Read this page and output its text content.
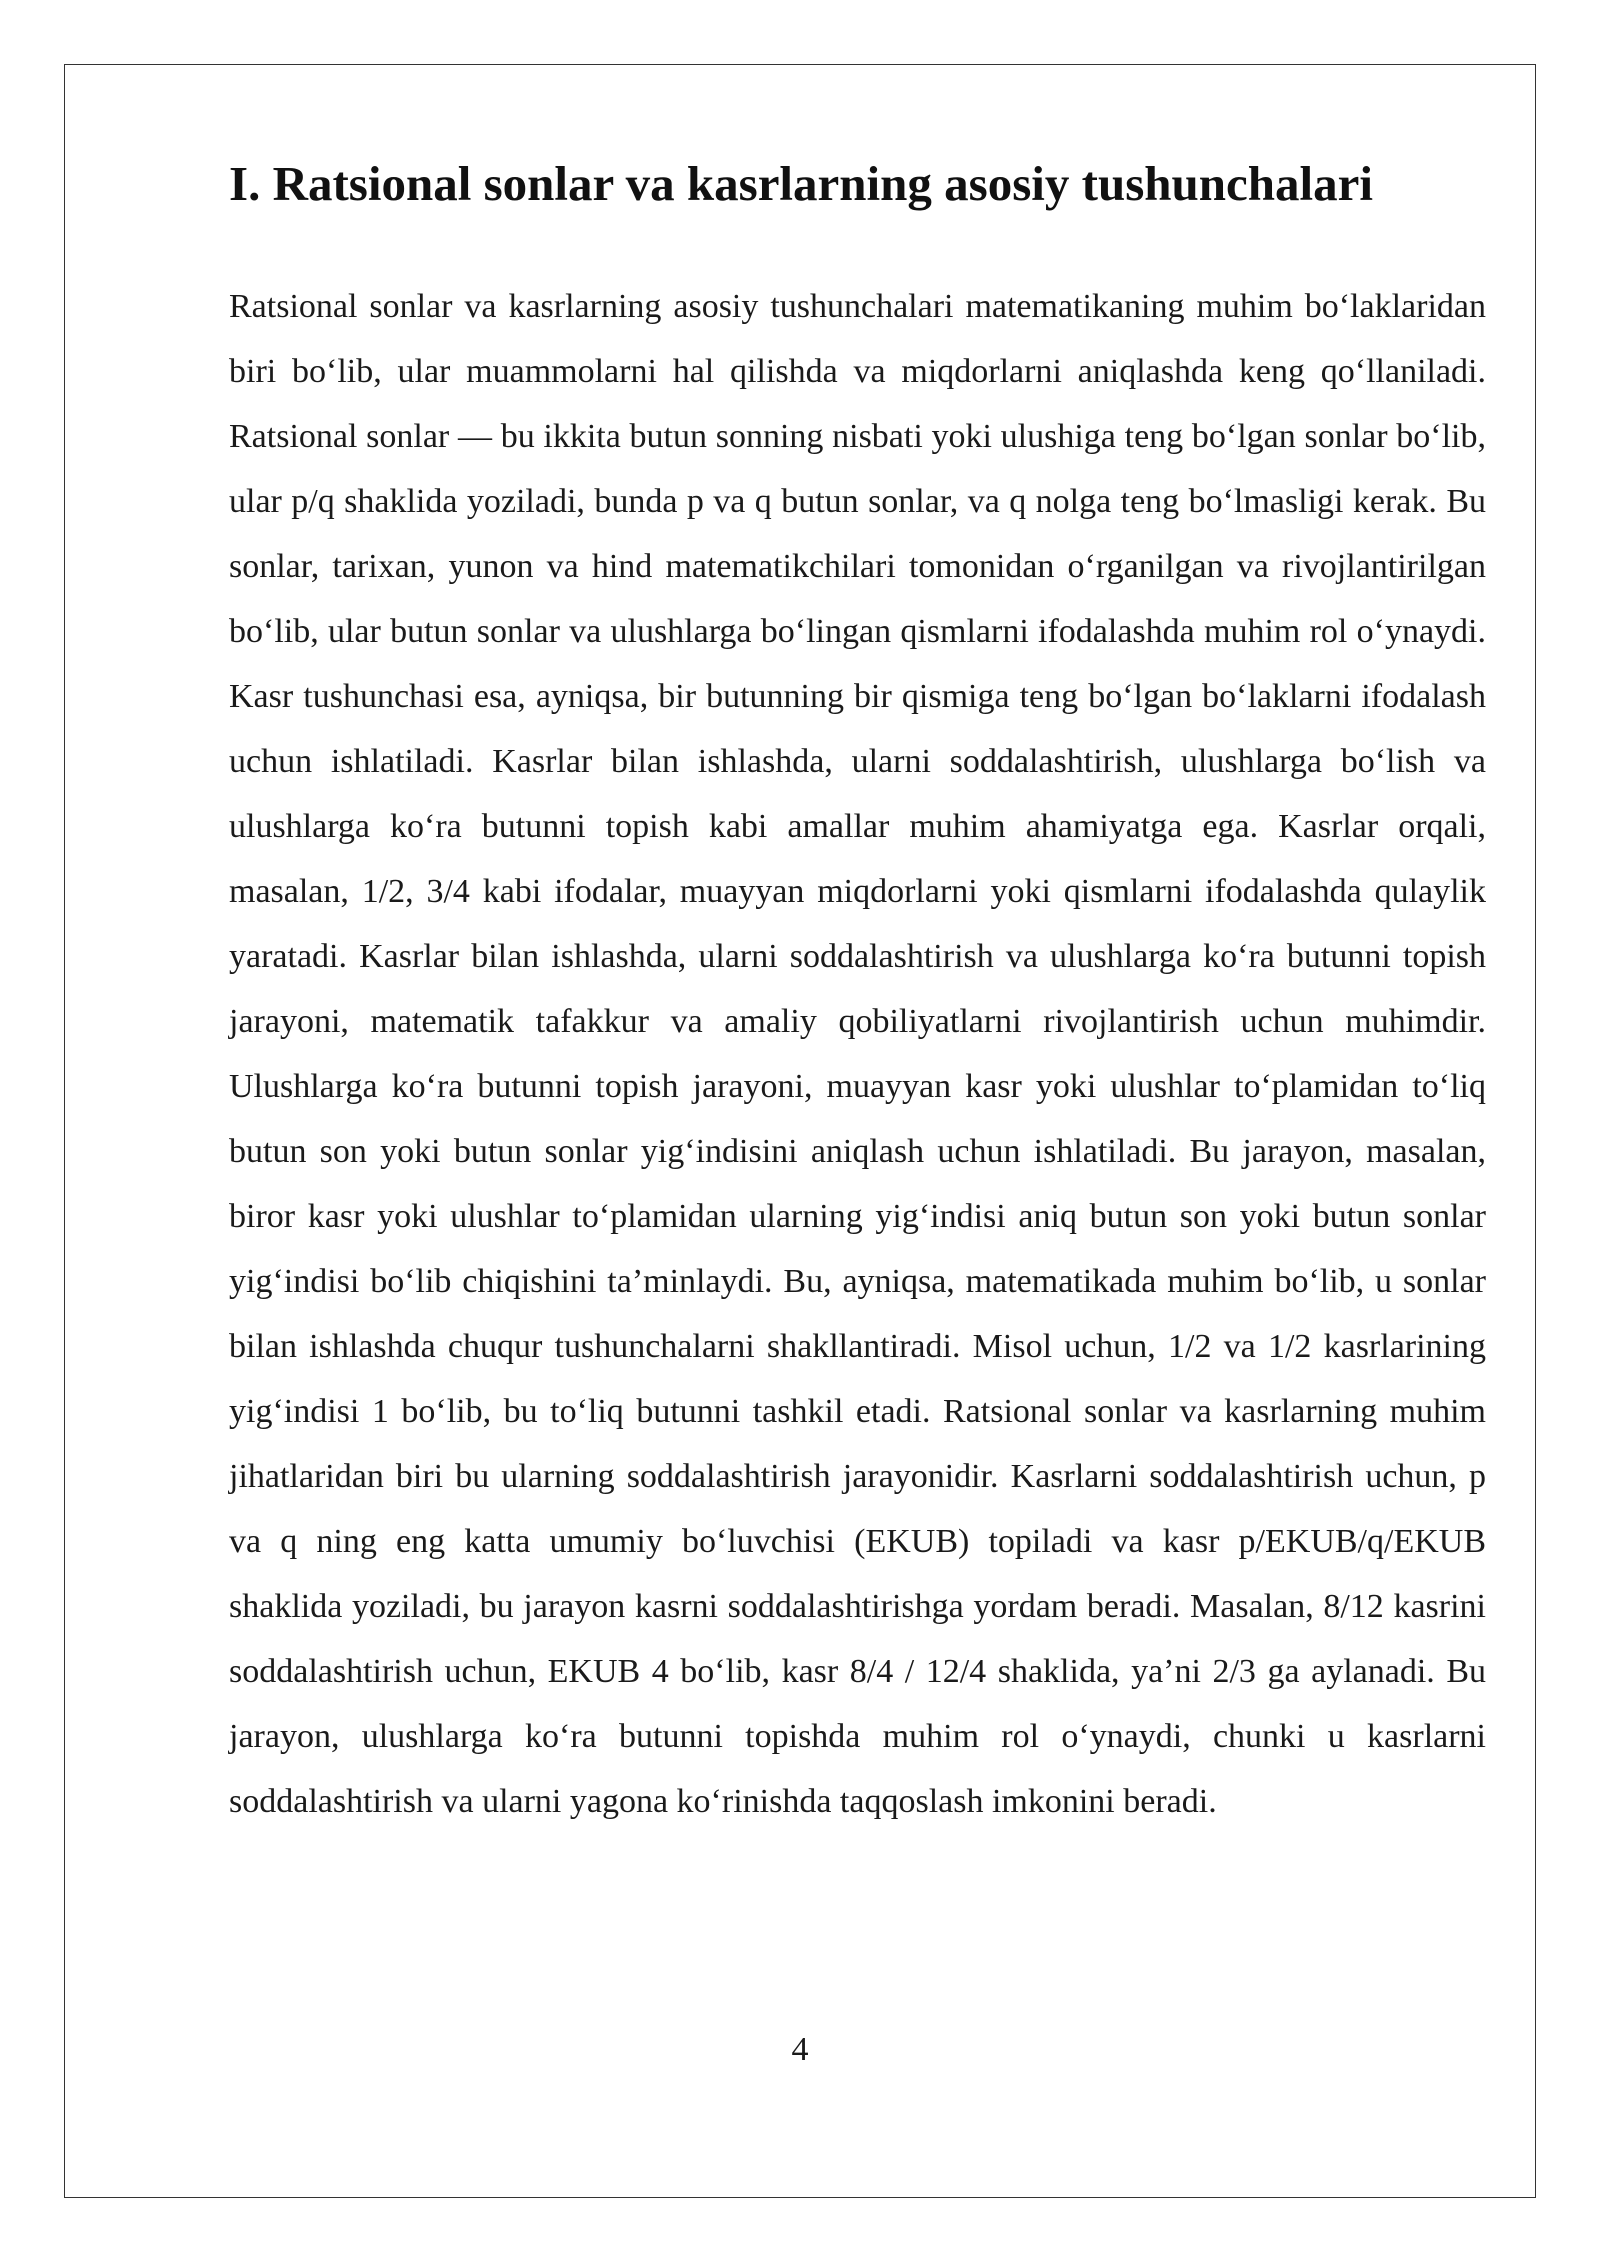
I. Ratsional sonlar va kasrlarning asosiy tushunchalari

Ratsional sonlar va kasrlarning asosiy tushunchalari matematikaning muhim bo‘laklaridan biri bo‘lib, ular muammolarni hal qilishda va miqdorlarni aniqlashda keng qo‘llaniladi. Ratsional sonlar — bu ikkita butun sonning nisbati yoki ulushiga teng bo‘lgan sonlar bo‘lib, ular p/q shaklida yoziladi, bunda p va q butun sonlar, va q nolga teng bo‘lmasligi kerak. Bu sonlar, tarixan, yunon va hind matematikchilari tomonidan o‘rganilgan va rivojlantirilgan bo‘lib, ular butun sonlar va ulushlarga bo‘lingan qismlarni ifodalashda muhim rol o‘ynaydi. Kasr tushunchasi esa, ayniqsa, bir butunning bir qismiga teng bo‘lgan bo‘laklarni ifodalash uchun ishlatiladi. Kasrlar bilan ishlashda, ularni soddalashtirish, ulushlarga bo‘lish va ulushlarga ko‘ra butunni topish kabi amallar muhim ahamiyatga ega. Kasrlar orqali, masalan, 1/2, 3/4 kabi ifodalar, muayyan miqdorlarni yoki qismlarni ifodalashda qulaylik yaratadi. Kasrlar bilan ishlashda, ularni soddalashtirish va ulushlarga ko‘ra butunni topish jarayoni, matematik tafakkur va amaliy qobiliyatlarni rivojlantirish uchun muhimdir. Ulushlarga ko‘ra butunni topish jarayoni, muayyan kasr yoki ulushlar to‘plamidan to‘liq butun son yoki butun sonlar yig‘indisini aniqlash uchun ishlatiladi. Bu jarayon, masalan, biror kasr yoki ulushlar to‘plamidan ularning yig‘indisi aniq butun son yoki butun sonlar yig‘indisi bo‘lib chiqishini ta’minlaydi. Bu, ayniqsa, matematikada muhim bo‘lib, u sonlar bilan ishlashda chuqur tushunchalarni shakllantiradi. Misol uchun, 1/2 va 1/2 kasrlarining yig‘indisi 1 bo‘lib, bu to‘liq butunni tashkil etadi. Ratsional sonlar va kasrlarning muhim jihatlaridan biri bu ularning soddalashtirish jarayonidir. Kasrlarni soddalashtirish uchun, p va q ning eng katta umumiy bo‘luvchisi (EKUB) topiladi va kasr p/EKUB/q/EKUB shaklida yoziladi, bu jarayon kasrni soddalashtirishga yordam beradi. Masalan, 8/12 kasrini soddalashtirish uchun, EKUB 4 bo‘lib, kasr 8/4 / 12/4 shaklida, ya’ni 2/3 ga aylanadi. Bu jarayon, ulushlarga ko‘ra butunni topishda muhim rol o‘ynaydi, chunki u kasrlarni soddalashtirish va ularni yagona ko‘rinishda taqqoslash imkonini beradi.

4
